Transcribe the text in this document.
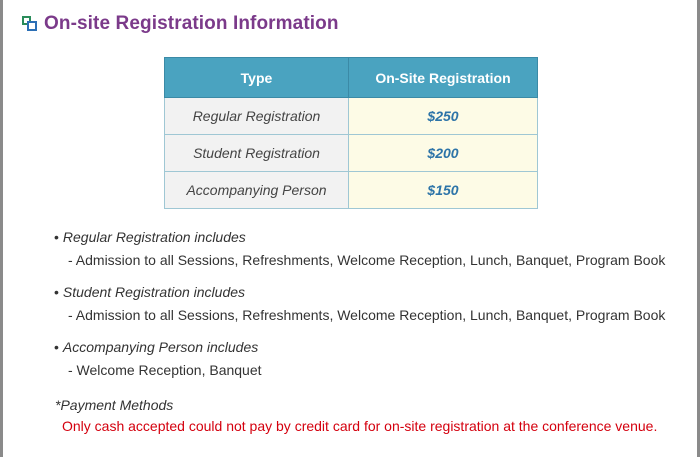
On-site Registration Information
Type	On-Site Registration
Regular Registration	$250
Student Registration	$200
Accompanying Person	$150
• Regular Registration includes
- Admission to all Sessions, Refreshments, Welcome Reception, Lunch, Banquet, Program Book
• Student Registration includes
- Admission to all Sessions, Refreshments, Welcome Reception, Lunch, Banquet, Program Book
• Accompanying Person includes
- Welcome Reception, Banquet
*Payment Methods
Only cash accepted could not pay by credit card for on-site registration at the conference venue.
